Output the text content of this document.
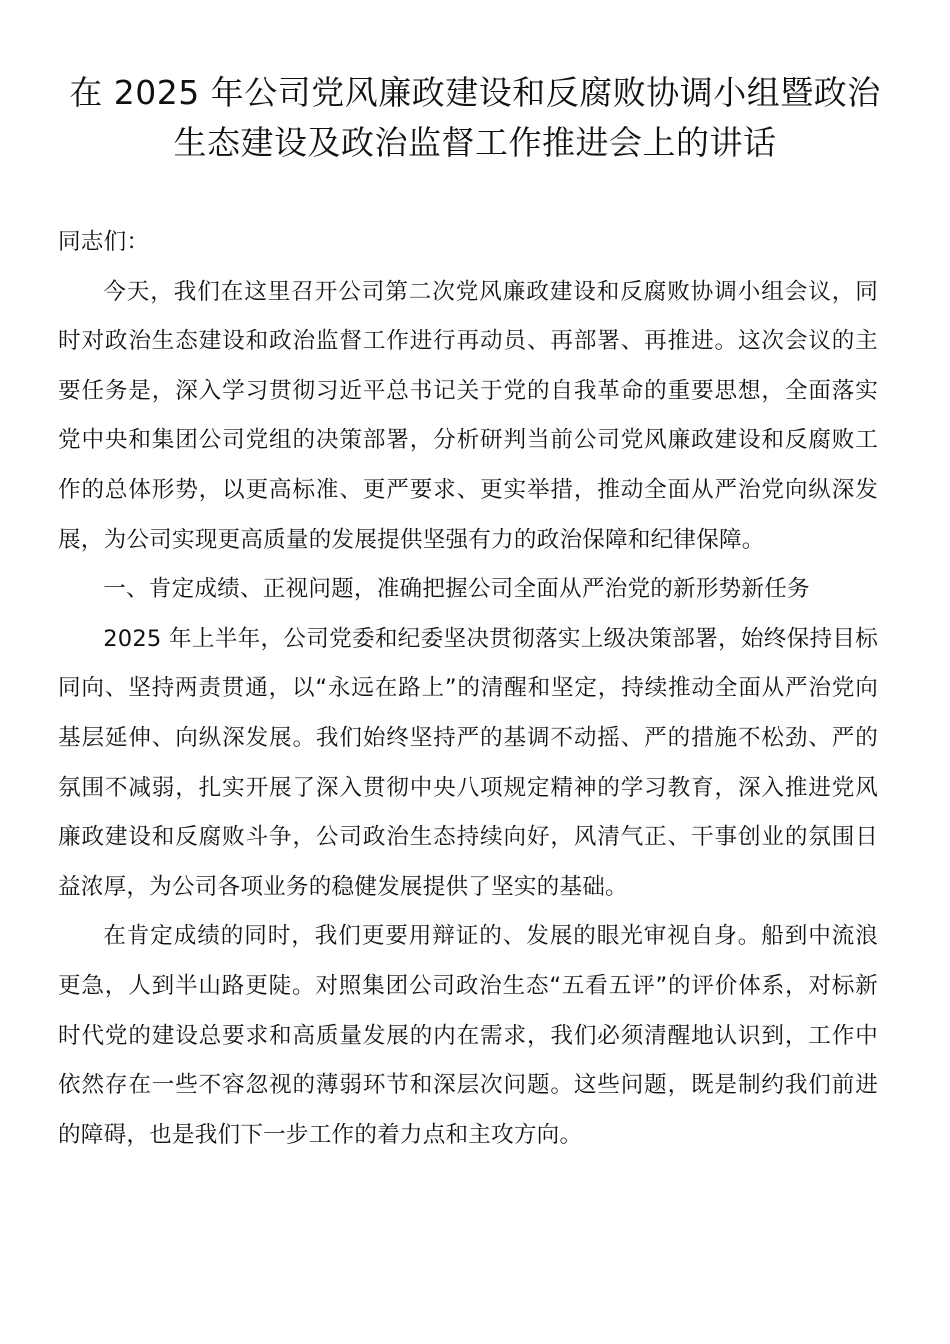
在 2025 年公司党风廉政建设和反腐败协调小组暨政治生态建设及政治监督工作推进会上的讲话

同志们：

今天，我们在这里召开公司第二次党风廉政建设和反腐败协调小组会议，同时对政治生态建设和政治监督工作进行再动员、再部署、再推进。这次会议的主要任务是，深入学习贯彻习近平总书记关于党的自我革命的重要思想，全面落实党中央和集团公司党组的决策部署，分析研判当前公司党风廉政建设和反腐败工作的总体形势，以更高标准、更严要求、更实举措，推动全面从严治党向纵深发展，为公司实现更高质量的发展提供坚强有力的政治保障和纪律保障。

一、肯定成绩、正视问题，准确把握公司全面从严治党的新形势新任务

2025 年上半年，公司党委和纪委坚决贯彻落实上级决策部署，始终保持目标同向、坚持两责贯通，以“永远在路上”的清醒和坚定，持续推动全面从严治党向基层延伸、向纵深发展。我们始终坚持严的基调不动摇、严的措施不松劲、严的氛围不减弱，扎实开展了深入贯彻中央八项规定精神的学习教育，深入推进党风廉政建设和反腐败斗争，公司政治生态持续向好，风清气正、干事创业的氛围日益浓厚，为公司各项业务的稳健发展提供了坚实的基础。

在肯定成绩的同时，我们更要用辩证的、发展的眼光审视自身。船到中流浪更急，人到半山路更陡。对照集团公司政治生态“五看五评”的评价体系，对标新时代党的建设总要求和高质量发展的内在需求，我们必须清醒地认识到，工作中依然存在一些不容忽视的薄弱环节和深层次问题。这些问题，既是制约我们前进的障碍，也是我们下一步工作的着力点和主攻方向。
